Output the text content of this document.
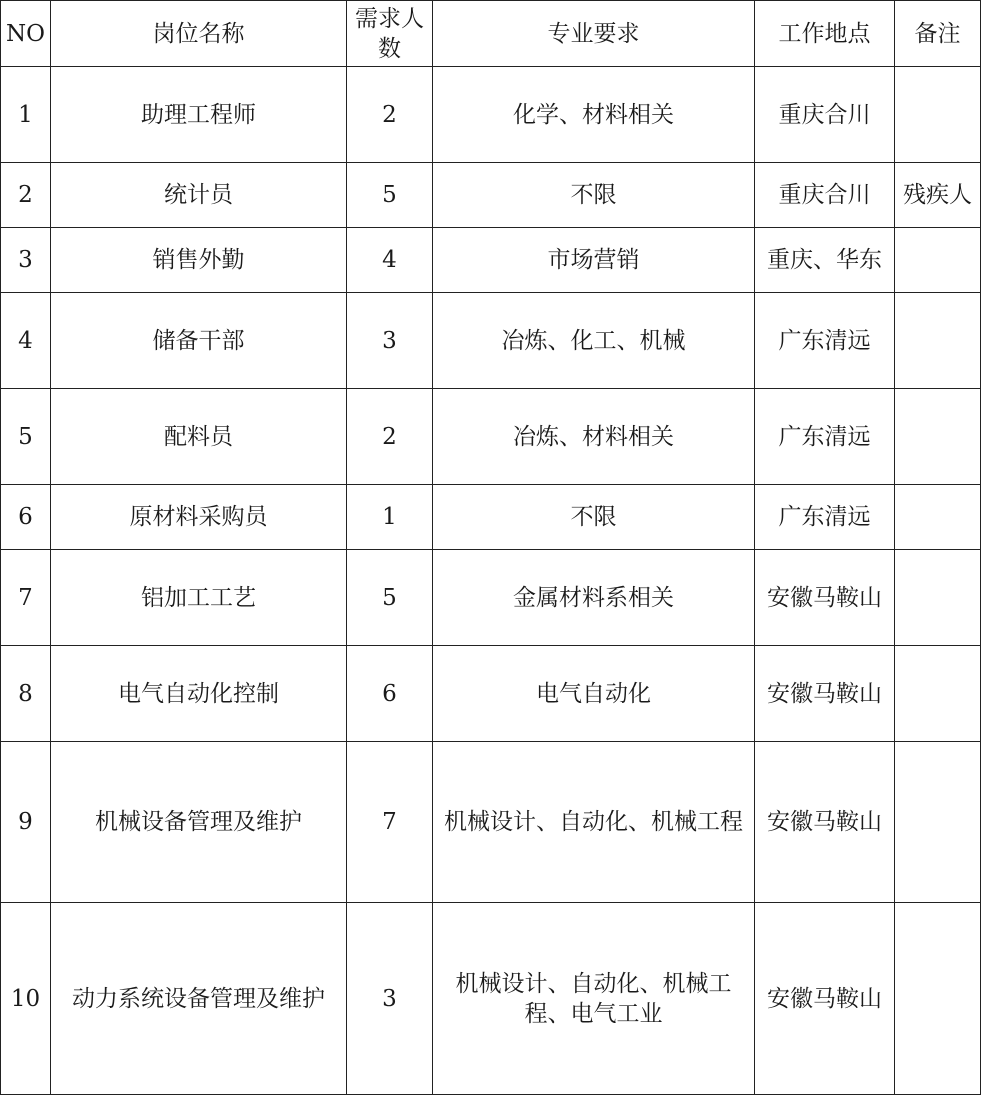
NO	岗位名称	需求人数	专业要求	工作地点	备注
1	助理工程师	2	化学、材料相关	重庆合川	
2	统计员	5	不限	重庆合川	残疾人
3	销售外勤	4	市场营销	重庆、华东	
4	储备干部	3	冶炼、化工、机械	广东清远	
5	配料员	2	冶炼、材料相关	广东清远	
6	原材料采购员	1	不限	广东清远	
7	铝加工工艺	5	金属材料系相关	安徽马鞍山	
8	电气自动化控制	6	电气自动化	安徽马鞍山	
9	机械设备管理及维护	7	机械设计、自动化、机械工程	安徽马鞍山	
10	动力系统设备管理及维护	3	机械设计、自动化、机械工程、电气工业	安徽马鞍山	
